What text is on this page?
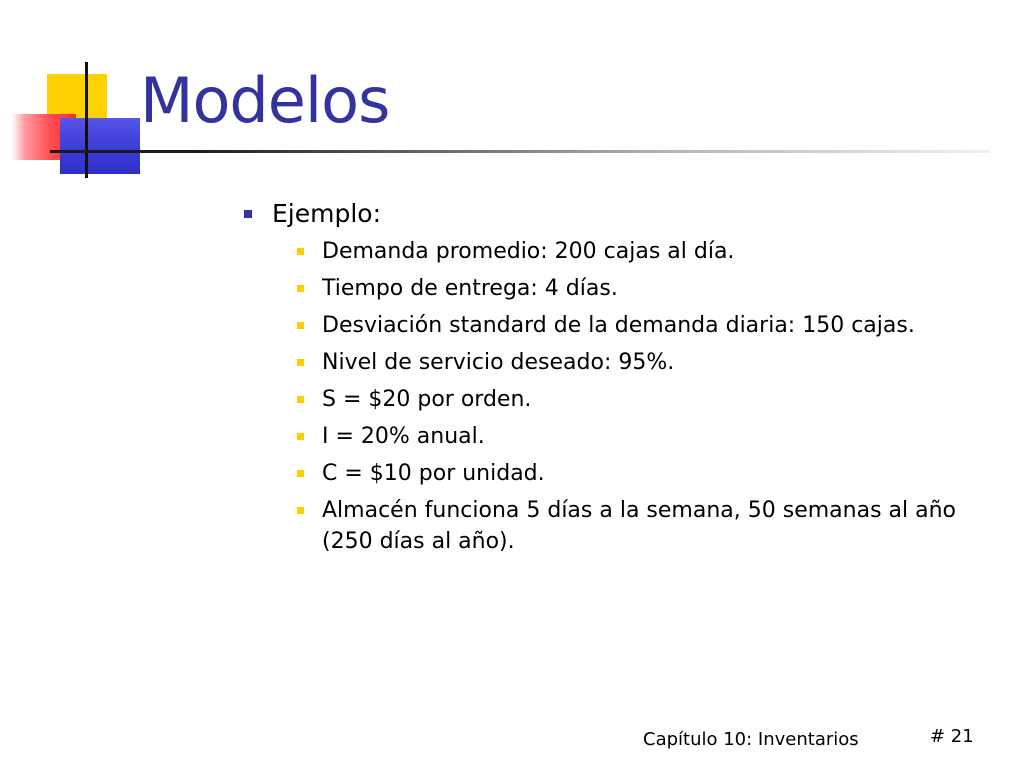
Modelos
Ejemplo:
Demanda promedio: 200 cajas al día.
Tiempo de entrega: 4 días.
Desviación standard de la demanda diaria: 150 cajas.
Nivel de servicio deseado: 95%.
S = $20 por orden.
I = 20% anual.
C = $10 por unidad.
Almacén funciona 5 días a la semana, 50 semanas al año (250 días al año).
Capítulo 10: Inventarios	# 21
